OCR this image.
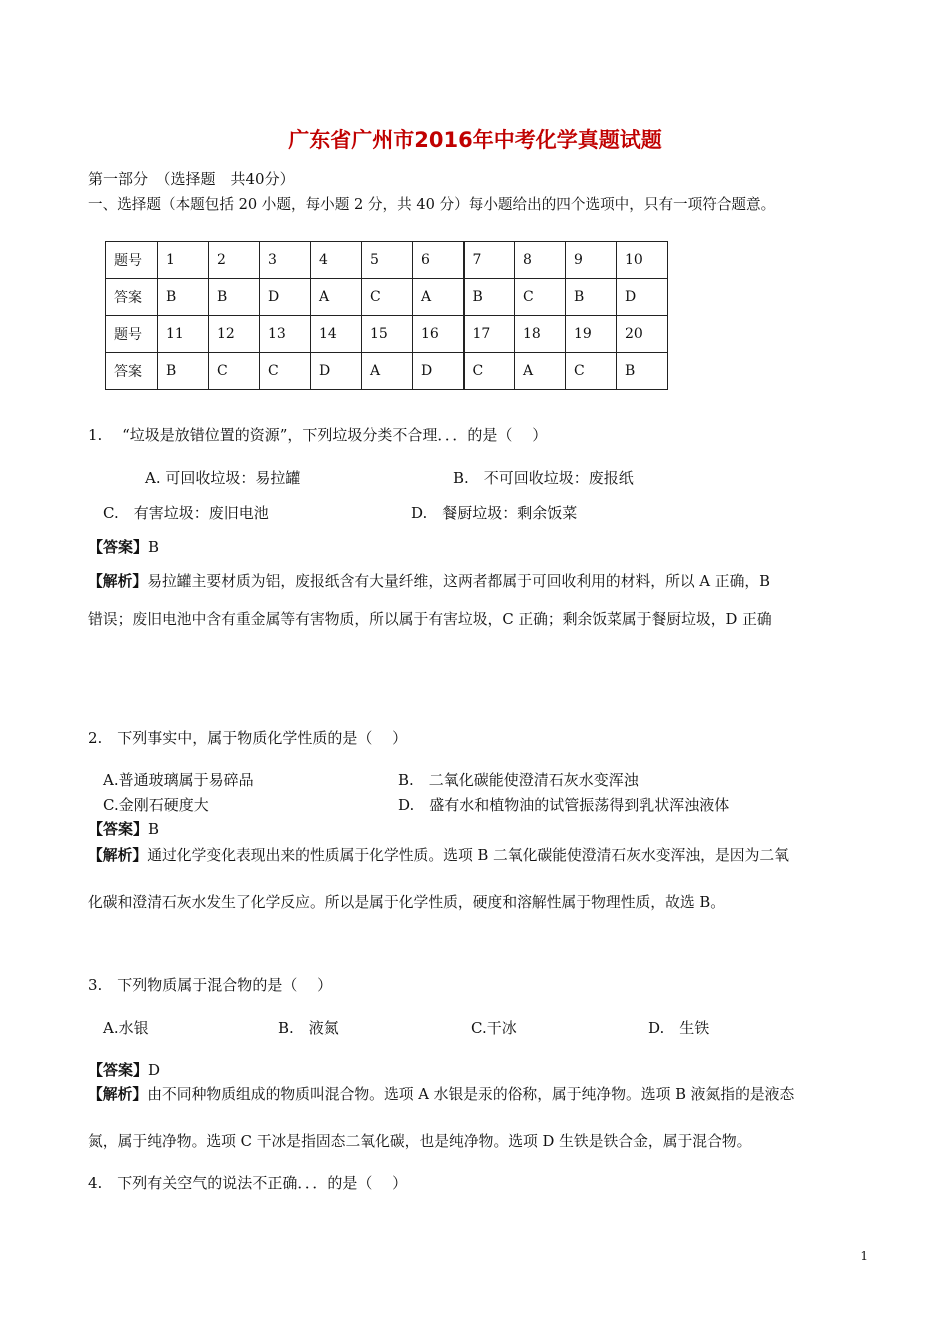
广东省广州市2016年中考化学真题试题
第一部分　（选择题　共40分）
一、选择题（本题包括 20 小题，每小题 2 分，共 40 分）每小题给出的四个选项中，只有一项符合题意。
题号	1	2	3	4	5	6	7	8	9	10
答案	B	B	D	A	C	A	B	C	B	D
题号	11	12	13	14	15	16	17	18	19	20
答案	B	C	C	D	A	D	C	A	C	B
1.　 “垃圾是放错位置的资源”，下列垃圾分类不合理．．．的是（　 ）
A. 可回收垃圾：易拉罐	B.　不可回收垃圾：废报纸
C.　有害垃圾：废旧电池	D.　餐厨垃圾：剩余饭菜
【答案】B
【解析】易拉罐主要材质为铝，废报纸含有大量纤维，这两者都属于可回收利用的材料，所以 A 正确，B
错误；废旧电池中含有重金属等有害物质，所以属于有害垃圾，C 正确；剩余饭菜属于餐厨垃圾，D 正确
2.　下列事实中，属于物质化学性质的是（　 ）
A.普通玻璃属于易碎品	B.　二氧化碳能使澄清石灰水变浑浊
C.金刚石硬度大	D.　盛有水和植物油的试管振荡得到乳状浑浊液体
【答案】B
【解析】通过化学变化表现出来的性质属于化学性质。选项 B 二氧化碳能使澄清石灰水变浑浊，是因为二氧
化碳和澄清石灰水发生了化学反应。所以是属于化学性质，硬度和溶解性属于物理性质，故选 B。
3.　下列物质属于混合物的是（　 ）
A.水银	B.　液氮	C.干冰	D.　生铁
【答案】D
【解析】由不同种物质组成的物质叫混合物。选项 A 水银是汞的俗称，属于纯净物。选项 B 液氮指的是液态
氮，属于纯净物。选项 C 干冰是指固态二氧化碳，也是纯净物。选项 D 生铁是铁合金，属于混合物。
4.　下列有关空气的说法不正确．．．的是（　 ）
1
